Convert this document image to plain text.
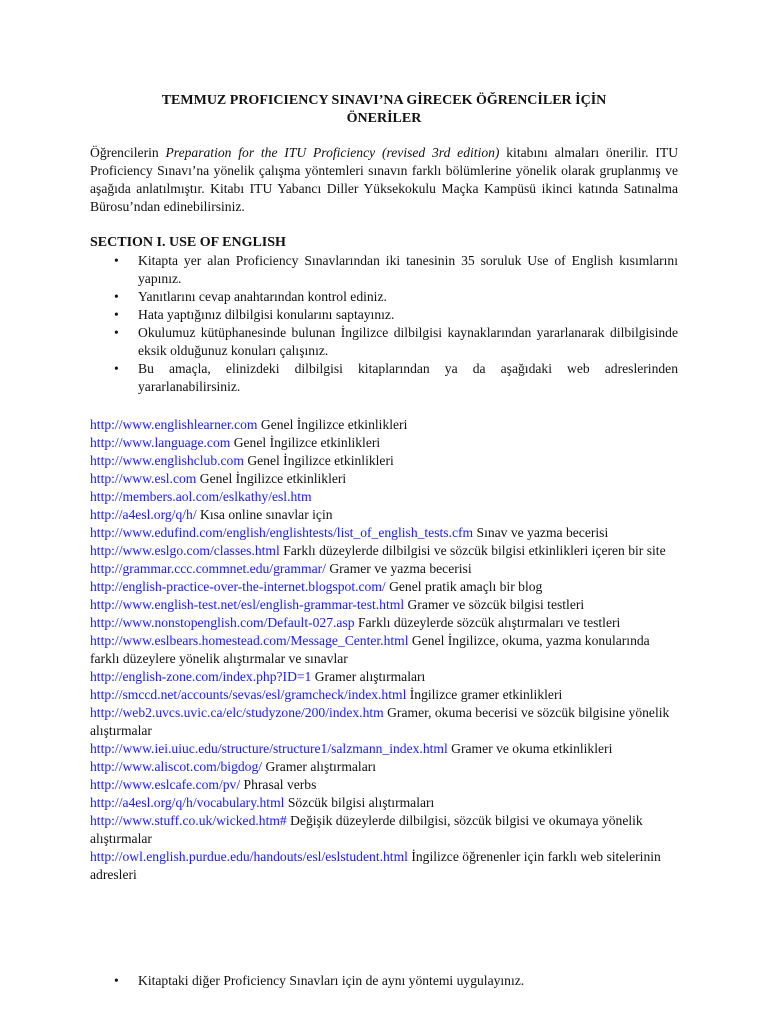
TEMMUZ PROFICIENCY SINAVI’NA GİRECEK ÖĞRENCİLER İÇİN
ÖNERİLER
Öğrencilerin Preparation for the ITU Proficiency (revised 3rd edition) kitabını almaları önerilir. ITU Proficiency Sınavı’na yönelik çalışma yöntemleri sınavın farklı bölümlerine yönelik olarak gruplanmış ve aşağıda anlatılmıştır. Kitabı ITU Yabancı Diller Yüksekokulu Maçka Kampüsü ikinci katında Satınalma Bürosu’ndan edinebilirsiniz.
SECTION I. USE OF ENGLISH
• Kitapta yer alan Proficiency Sınavlarından iki tanesinin 35 soruluk Use of English kısımlarını yapınız.
• Yanıtlarını cevap anahtarından kontrol ediniz.
• Hata yaptığınız dilbilgisi konularını saptayınız.
• Okulumuz kütüphanesinde bulunan İngilizce dilbilgisi kaynaklarından yararlanarak dilbilgisinde eksik olduğunuz konuları çalışınız.
• Bu amaçla, elinizdeki dilbilgisi kitaplarından ya da aşağıdaki web adreslerinden yararlanabilirsiniz.
http://www.englishlearner.com Genel İngilizce etkinlikleri
http://www.language.com Genel İngilizce etkinlikleri
http://www.englishclub.com Genel İngilizce etkinlikleri
http://www.esl.com Genel İngilizce etkinlikleri
http://members.aol.com/eslkathy/esl.htm
http://a4esl.org/q/h/ Kısa online sınavlar için
http://www.edufind.com/english/englishtests/list_of_english_tests.cfm Sınav ve yazma becerisi
http://www.eslgo.com/classes.html Farklı düzeylerde dilbilgisi ve sözcük bilgisi etkinlikleri içeren bir site
http://grammar.ccc.commnet.edu/grammar/ Gramer ve yazma becerisi
http://english-practice-over-the-internet.blogspot.com/ Genel pratik amaçlı bir blog
http://www.english-test.net/esl/english-grammar-test.html Gramer ve sözcük bilgisi testleri
http://www.nonstopenglish.com/Default-027.asp Farklı düzeylerde sözcük alıştırmaları ve testleri
http://www.eslbears.homestead.com/Message_Center.html Genel İngilizce, okuma, yazma konularında farklı düzeylere yönelik alıştırmalar ve sınavlar
http://english-zone.com/index.php?ID=1 Gramer alıştırmaları
http://smccd.net/accounts/sevas/esl/gramcheck/index.html İngilizce gramer etkinlikleri
http://web2.uvcs.uvic.ca/elc/studyzone/200/index.htm Gramer, okuma becerisi ve sözcük bilgisine yönelik alıştırmalar
http://www.iei.uiuc.edu/structure/structure1/salzmann_index.html Gramer ve okuma etkinlikleri
http://www.aliscot.com/bigdog/ Gramer alıştırmaları
http://www.eslcafe.com/pv/ Phrasal verbs
http://a4esl.org/q/h/vocabulary.html Sözcük bilgisi alıştırmaları
http://www.stuff.co.uk/wicked.htm# Değişik düzeylerde dilbilgisi, sözcük bilgisi ve okumaya yönelik alıştırmalar
http://owl.english.purdue.edu/handouts/esl/eslstudent.html İngilizce öğrenenler için farklı web sitelerinin adresleri
• Kitaptaki diğer Proficiency Sınavları için de aynı yöntemi uygulayınız.
